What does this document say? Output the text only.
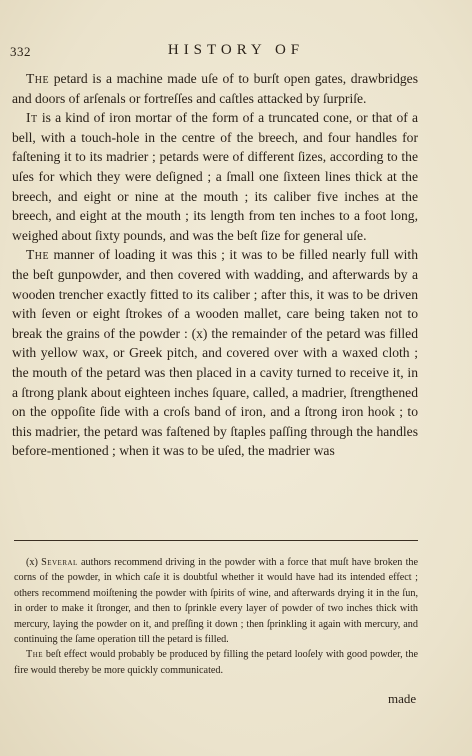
332	HISTORY OF

The petard is a machine made uſe of to burſt open gates, drawbridges and doors of arſenals or fortreſſes and caſtles attacked by ſurpriſe.

It is a kind of iron mortar of the form of a truncated cone, or that of a bell, with a touch-hole in the centre of the breech, and four handles for faſtening it to its madrier ; petards were of different ſizes, according to the uſes for which they were deſigned ; a ſmall one ſixteen lines thick at the breech, and eight or nine at the mouth ; its caliber five inches at the breech, and eight at the mouth ; its length from ten inches to a foot long, weighed about ſixty pounds, and was the beſt ſize for general uſe.

The manner of loading it was this ; it was to be filled nearly full with the beſt gunpowder, and then covered with wadding, and afterwards by a wooden trencher exactly fitted to its caliber ; after this, it was to be driven with ſeven or eight ſtrokes of a wooden mallet, care being taken not to break the grains of the powder : (x) the remainder of the petard was filled with yellow wax, or Greek pitch, and covered over with a waxed cloth ; the mouth of the petard was then placed in a cavity turned to receive it, in a ſtrong plank about eighteen inches ſquare, called, a madrier, ſtrengthened on the oppoſite ſide with a croſs band of iron, and a ſtrong iron hook ; to this madrier, the petard was faſtened by ſtaples paſſing through the handles before-mentioned ; when it was to be uſed, the madrier was

(x) Several authors recommend driving in the powder with a force that muſt have broken the corns of the powder, in which caſe it is doubtful whether it would have had its intended effect ; others recommend moiſtening the powder with ſpirits of wine, and afterwards drying it in the ſun, in order to make it ſtronger, and then to ſprinkle every layer of powder of two inches thick with mercury, laying the powder on it, and preſſing it down ; then ſprinkling it again with mercury, and continuing the ſame operation till the petard is filled.

The beſt effect would probably be produced by filling the petard looſely with good powder, the fire would thereby be more quickly communicated.

made
